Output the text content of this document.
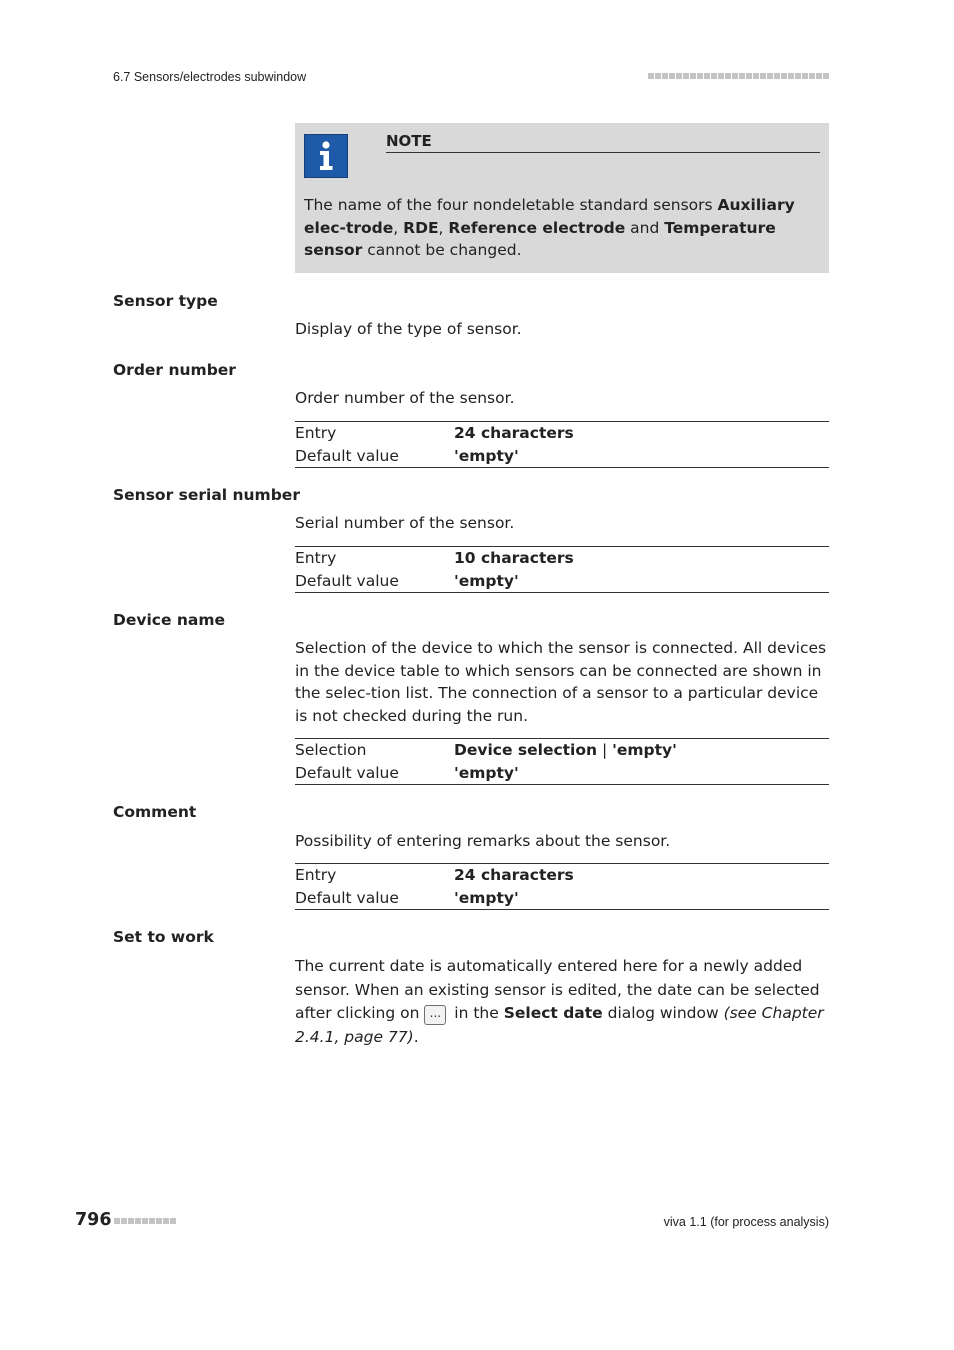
6.7 Sensors/electrodes subwindow
NOTE
The name of the four nondeletable standard sensors Auxiliary elec-trode, RDE, Reference electrode and Temperature sensor cannot be changed.
Sensor type
Display of the type of sensor.
Order number
Order number of the sensor.
Entry	24 characters
Default value	'empty'
Sensor serial number
Serial number of the sensor.
Entry	10 characters
Default value	'empty'
Device name
Selection of the device to which the sensor is connected. All devices in the device table to which sensors can be connected are shown in the selec-tion list. The connection of a sensor to a particular device is not checked during the run.
Selection	Device selection | 'empty'
Default value	'empty'
Comment
Possibility of entering remarks about the sensor.
Entry	24 characters
Default value	'empty'
Set to work
The current date is automatically entered here for a newly added sensor. When an existing sensor is edited, the date can be selected after clicking on ... in the Select date dialog window (see Chapter 2.4.1, page 77).
796	viva 1.1 (for process analysis)
